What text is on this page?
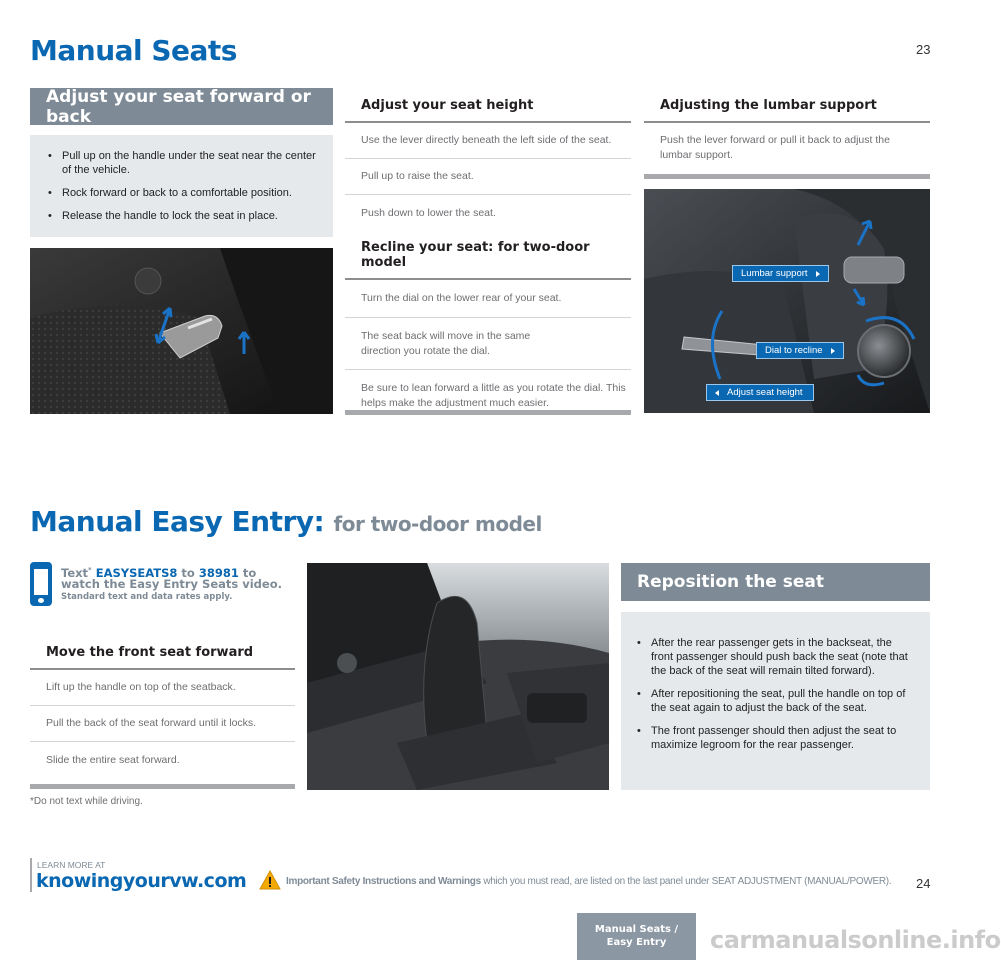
Manual Seats	23
Adjust your seat forward or back
• Pull up on the handle under the seat near the center of the vehicle.
• Rock forward or back to a comfortable position.
• Release the handle to lock the seat in place.
Adjust your seat height
Use the lever directly beneath the left side of the seat.
Pull up to raise the seat.
Push down to lower the seat.
Recline your seat: for two-door model
Turn the dial on the lower rear of your seat.
The seat back will move in the same direction you rotate the dial.
Be sure to lean forward a little as you rotate the dial. This helps make the adjustment much easier.
Adjusting the lumbar support
Push the lever forward or pull it back to adjust the lumbar support.
Lumbar support
Dial to recline
Adjust seat height
Manual Easy Entry: for two-door model
Text* EASYSEATS8 to 38981 to
watch the Easy Entry Seats video.
Standard text and data rates apply.
Move the front seat forward
Lift up the handle on top of the seatback.
Pull the back of the seat forward until it locks.
Slide the entire seat forward.
*Do not text while driving.
Reposition the seat
• After the rear passenger gets in the backseat, the front passenger should push back the seat (note that the back of the seat will remain tilted forward).
• After repositioning the seat, pull the handle on top of the seat again to adjust the back of the seat.
• The front passenger should then adjust the seat to maximize legroom for the rear passenger.
LEARN MORE AT
knowingyourvw.com	Important Safety Instructions and Warnings which you must read, are listed on the last panel under SEAT ADJUSTMENT (MANUAL/POWER). 24
Manual Seats /
Easy Entry	carmanualsonline.info
